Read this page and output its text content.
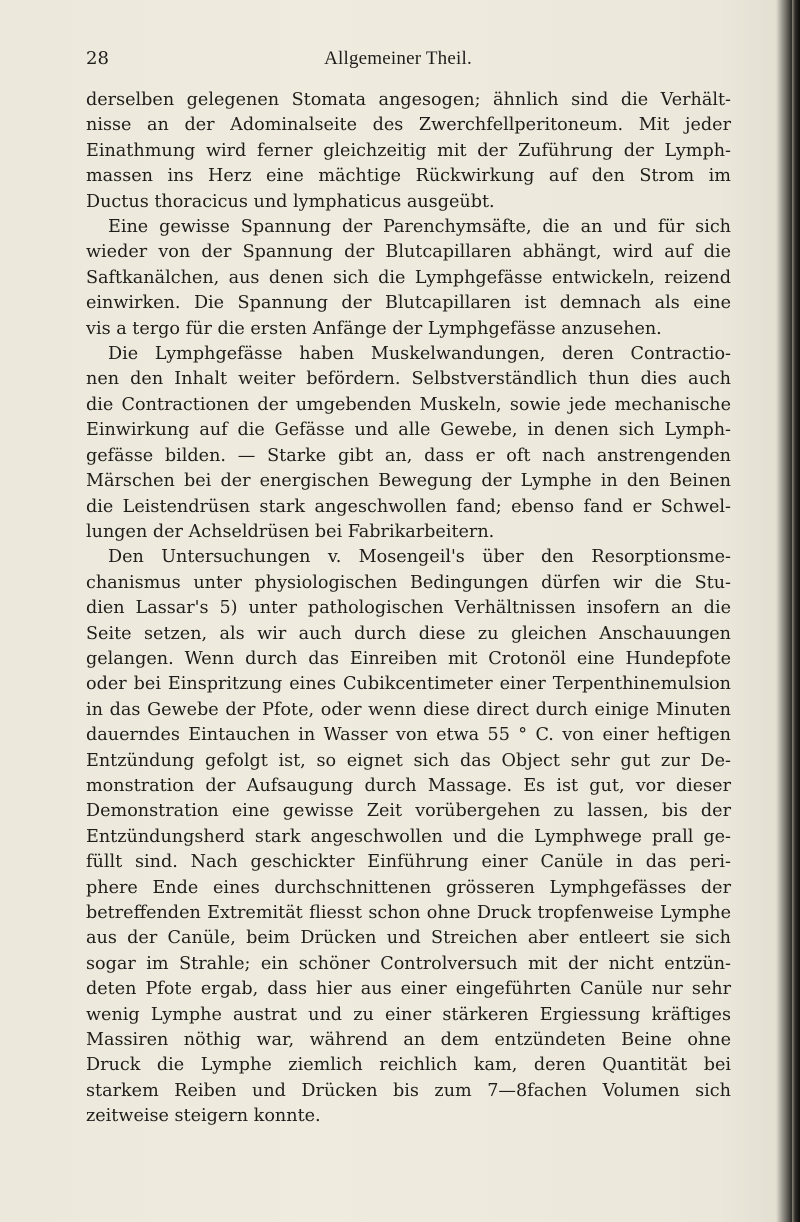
28	Allgemeiner Theil.
derselben gelegenen Stomata angesogen; ähnlich sind die Verhält-
nisse an der Adominalseite des Zwerchfellperitoneum. Mit jeder
Einathmung wird ferner gleichzeitig mit der Zuführung der Lymph-
massen ins Herz eine mächtige Rückwirkung auf den Strom im
Ductus thoracicus und lymphaticus ausgeübt.
Eine gewisse Spannung der Parenchymsäfte, die an und für sich
wieder von der Spannung der Blutcapillaren abhängt, wird auf die
Saftkanälchen, aus denen sich die Lymphgefässe entwickeln, reizend
einwirken. Die Spannung der Blutcapillaren ist demnach als eine
vis a tergo für die ersten Anfänge der Lymphgefässe anzusehen.
Die Lymphgefässe haben Muskelwandungen, deren Contractio-
nen den Inhalt weiter befördern. Selbstverständlich thun dies auch
die Contractionen der umgebenden Muskeln, sowie jede mechanische
Einwirkung auf die Gefässe und alle Gewebe, in denen sich Lymph-
gefässe bilden. — Starke gibt an, dass er oft nach anstrengenden
Märschen bei der energischen Bewegung der Lymphe in den Beinen
die Leistendrüsen stark angeschwollen fand; ebenso fand er Schwel-
lungen der Achseldrüsen bei Fabrikarbeitern.
Den Untersuchungen v. Mosengeil's über den Resorptionsme-
chanismus unter physiologischen Bedingungen dürfen wir die Stu-
dien Lassar's 5) unter pathologischen Verhältnissen insofern an die
Seite setzen, als wir auch durch diese zu gleichen Anschauungen
gelangen. Wenn durch das Einreiben mit Crotonöl eine Hundepfote
oder bei Einspritzung eines Cubikcentimeter einer Terpenthinemulsion
in das Gewebe der Pfote, oder wenn diese direct durch einige Minuten
dauerndes Eintauchen in Wasser von etwa 55 ° C. von einer heftigen
Entzündung gefolgt ist, so eignet sich das Object sehr gut zur De-
monstration der Aufsaugung durch Massage. Es ist gut, vor dieser
Demonstration eine gewisse Zeit vorübergehen zu lassen, bis der
Entzündungsherd stark angeschwollen und die Lymphwege prall ge-
füllt sind. Nach geschickter Einführung einer Canüle in das peri-
phere Ende eines durchschnittenen grösseren Lymphgefässes der
betreffenden Extremität fliesst schon ohne Druck tropfenweise Lymphe
aus der Canüle, beim Drücken und Streichen aber entleert sie sich
sogar im Strahle; ein schöner Controlversuch mit der nicht entzün-
deten Pfote ergab, dass hier aus einer eingeführten Canüle nur sehr
wenig Lymphe austrat und zu einer stärkeren Ergiessung kräftiges
Massiren nöthig war, während an dem entzündeten Beine ohne
Druck die Lymphe ziemlich reichlich kam, deren Quantität bei
starkem Reiben und Drücken bis zum 7—8fachen Volumen sich
zeitweise steigern konnte.
